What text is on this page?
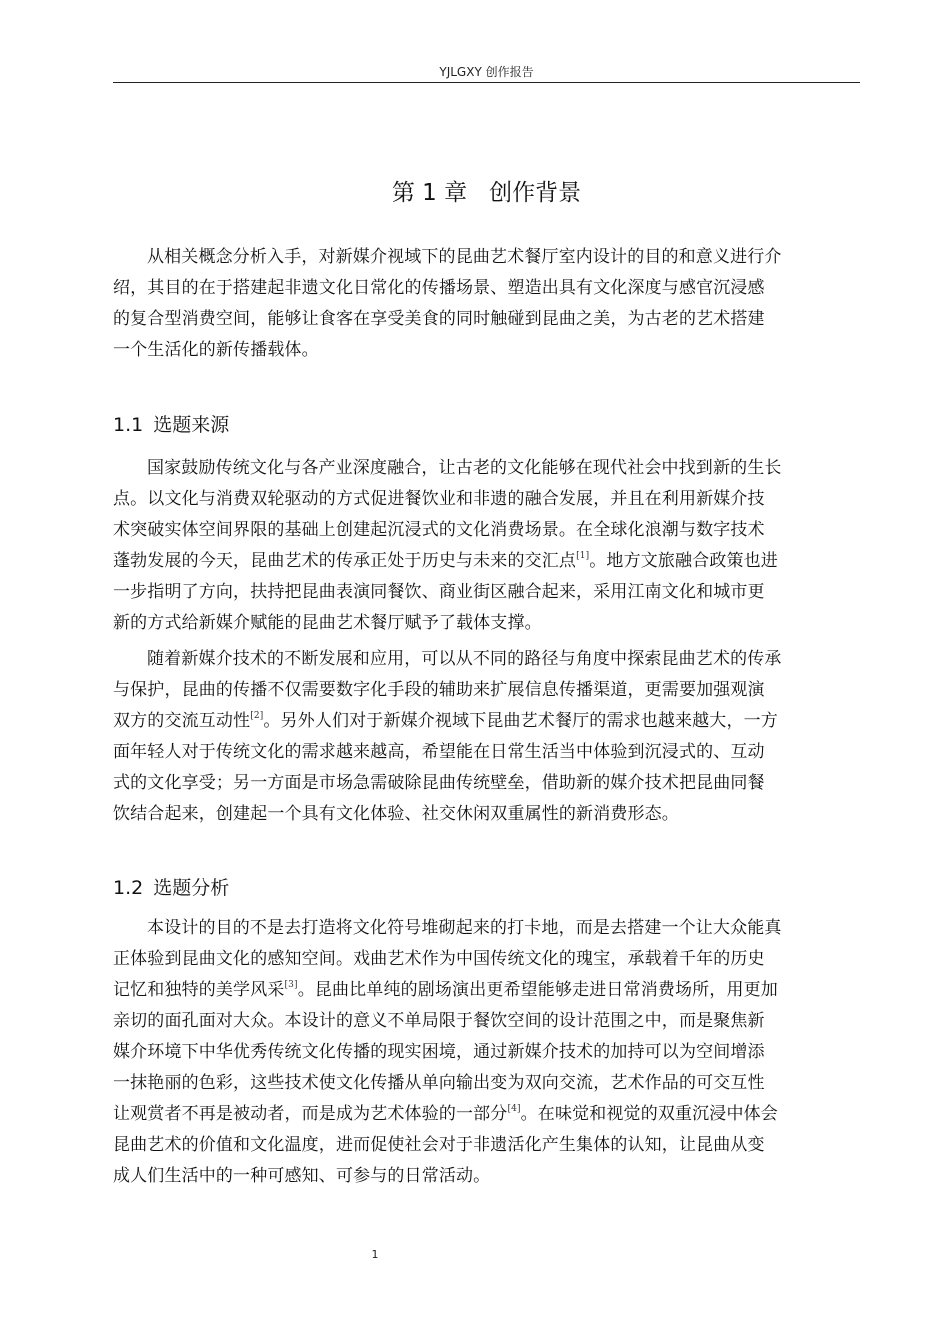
YJLGXY 创作报告
第 1 章 创作背景
从相关概念分析入手，对新媒介视域下的昆曲艺术餐厅室内设计的目的和意义进行介
绍，其目的在于搭建起非遗文化日常化的传播场景、塑造出具有文化深度与感官沉浸感
的复合型消费空间，能够让食客在享受美食的同时触碰到昆曲之美，为古老的艺术搭建
一个生活化的新传播载体。
1.1 选题来源
国家鼓励传统文化与各产业深度融合，让古老的文化能够在现代社会中找到新的生长
点。以文化与消费双轮驱动的方式促进餐饮业和非遗的融合发展，并且在利用新媒介技
术突破实体空间界限的基础上创建起沉浸式的文化消费场景。在全球化浪潮与数字技术
蓬勃发展的今天，昆曲艺术的传承正处于历史与未来的交汇点[1]。地方文旅融合政策也进
一步指明了方向，扶持把昆曲表演同餐饮、商业街区融合起来，采用江南文化和城市更
新的方式给新媒介赋能的昆曲艺术餐厅赋予了载体支撑。
随着新媒介技术的不断发展和应用，可以从不同的路径与角度中探索昆曲艺术的传承
与保护，昆曲的传播不仅需要数字化手段的辅助来扩展信息传播渠道，更需要加强观演
双方的交流互动性[2]。另外人们对于新媒介视域下昆曲艺术餐厅的需求也越来越大，一方
面年轻人对于传统文化的需求越来越高，希望能在日常生活当中体验到沉浸式的、互动
式的文化享受；另一方面是市场急需破除昆曲传统壁垒，借助新的媒介技术把昆曲同餐
饮结合起来，创建起一个具有文化体验、社交休闲双重属性的新消费形态。
1.2 选题分析
本设计的目的不是去打造将文化符号堆砌起来的打卡地，而是去搭建一个让大众能真
正体验到昆曲文化的感知空间。戏曲艺术作为中国传统文化的瑰宝，承载着千年的历史
记忆和独特的美学风采[3]。昆曲比单纯的剧场演出更希望能够走进日常消费场所，用更加
亲切的面孔面对大众。本设计的意义不单局限于餐饮空间的设计范围之中，而是聚焦新
媒介环境下中华优秀传统文化传播的现实困境，通过新媒介技术的加持可以为空间增添
一抹艳丽的色彩，这些技术使文化传播从单向输出变为双向交流，艺术作品的可交互性
让观赏者不再是被动者，而是成为艺术体验的一部分[4]。在味觉和视觉的双重沉浸中体会
昆曲艺术的价值和文化温度，进而促使社会对于非遗活化产生集体的认知，让昆曲从变
成人们生活中的一种可感知、可参与的日常活动。
1
